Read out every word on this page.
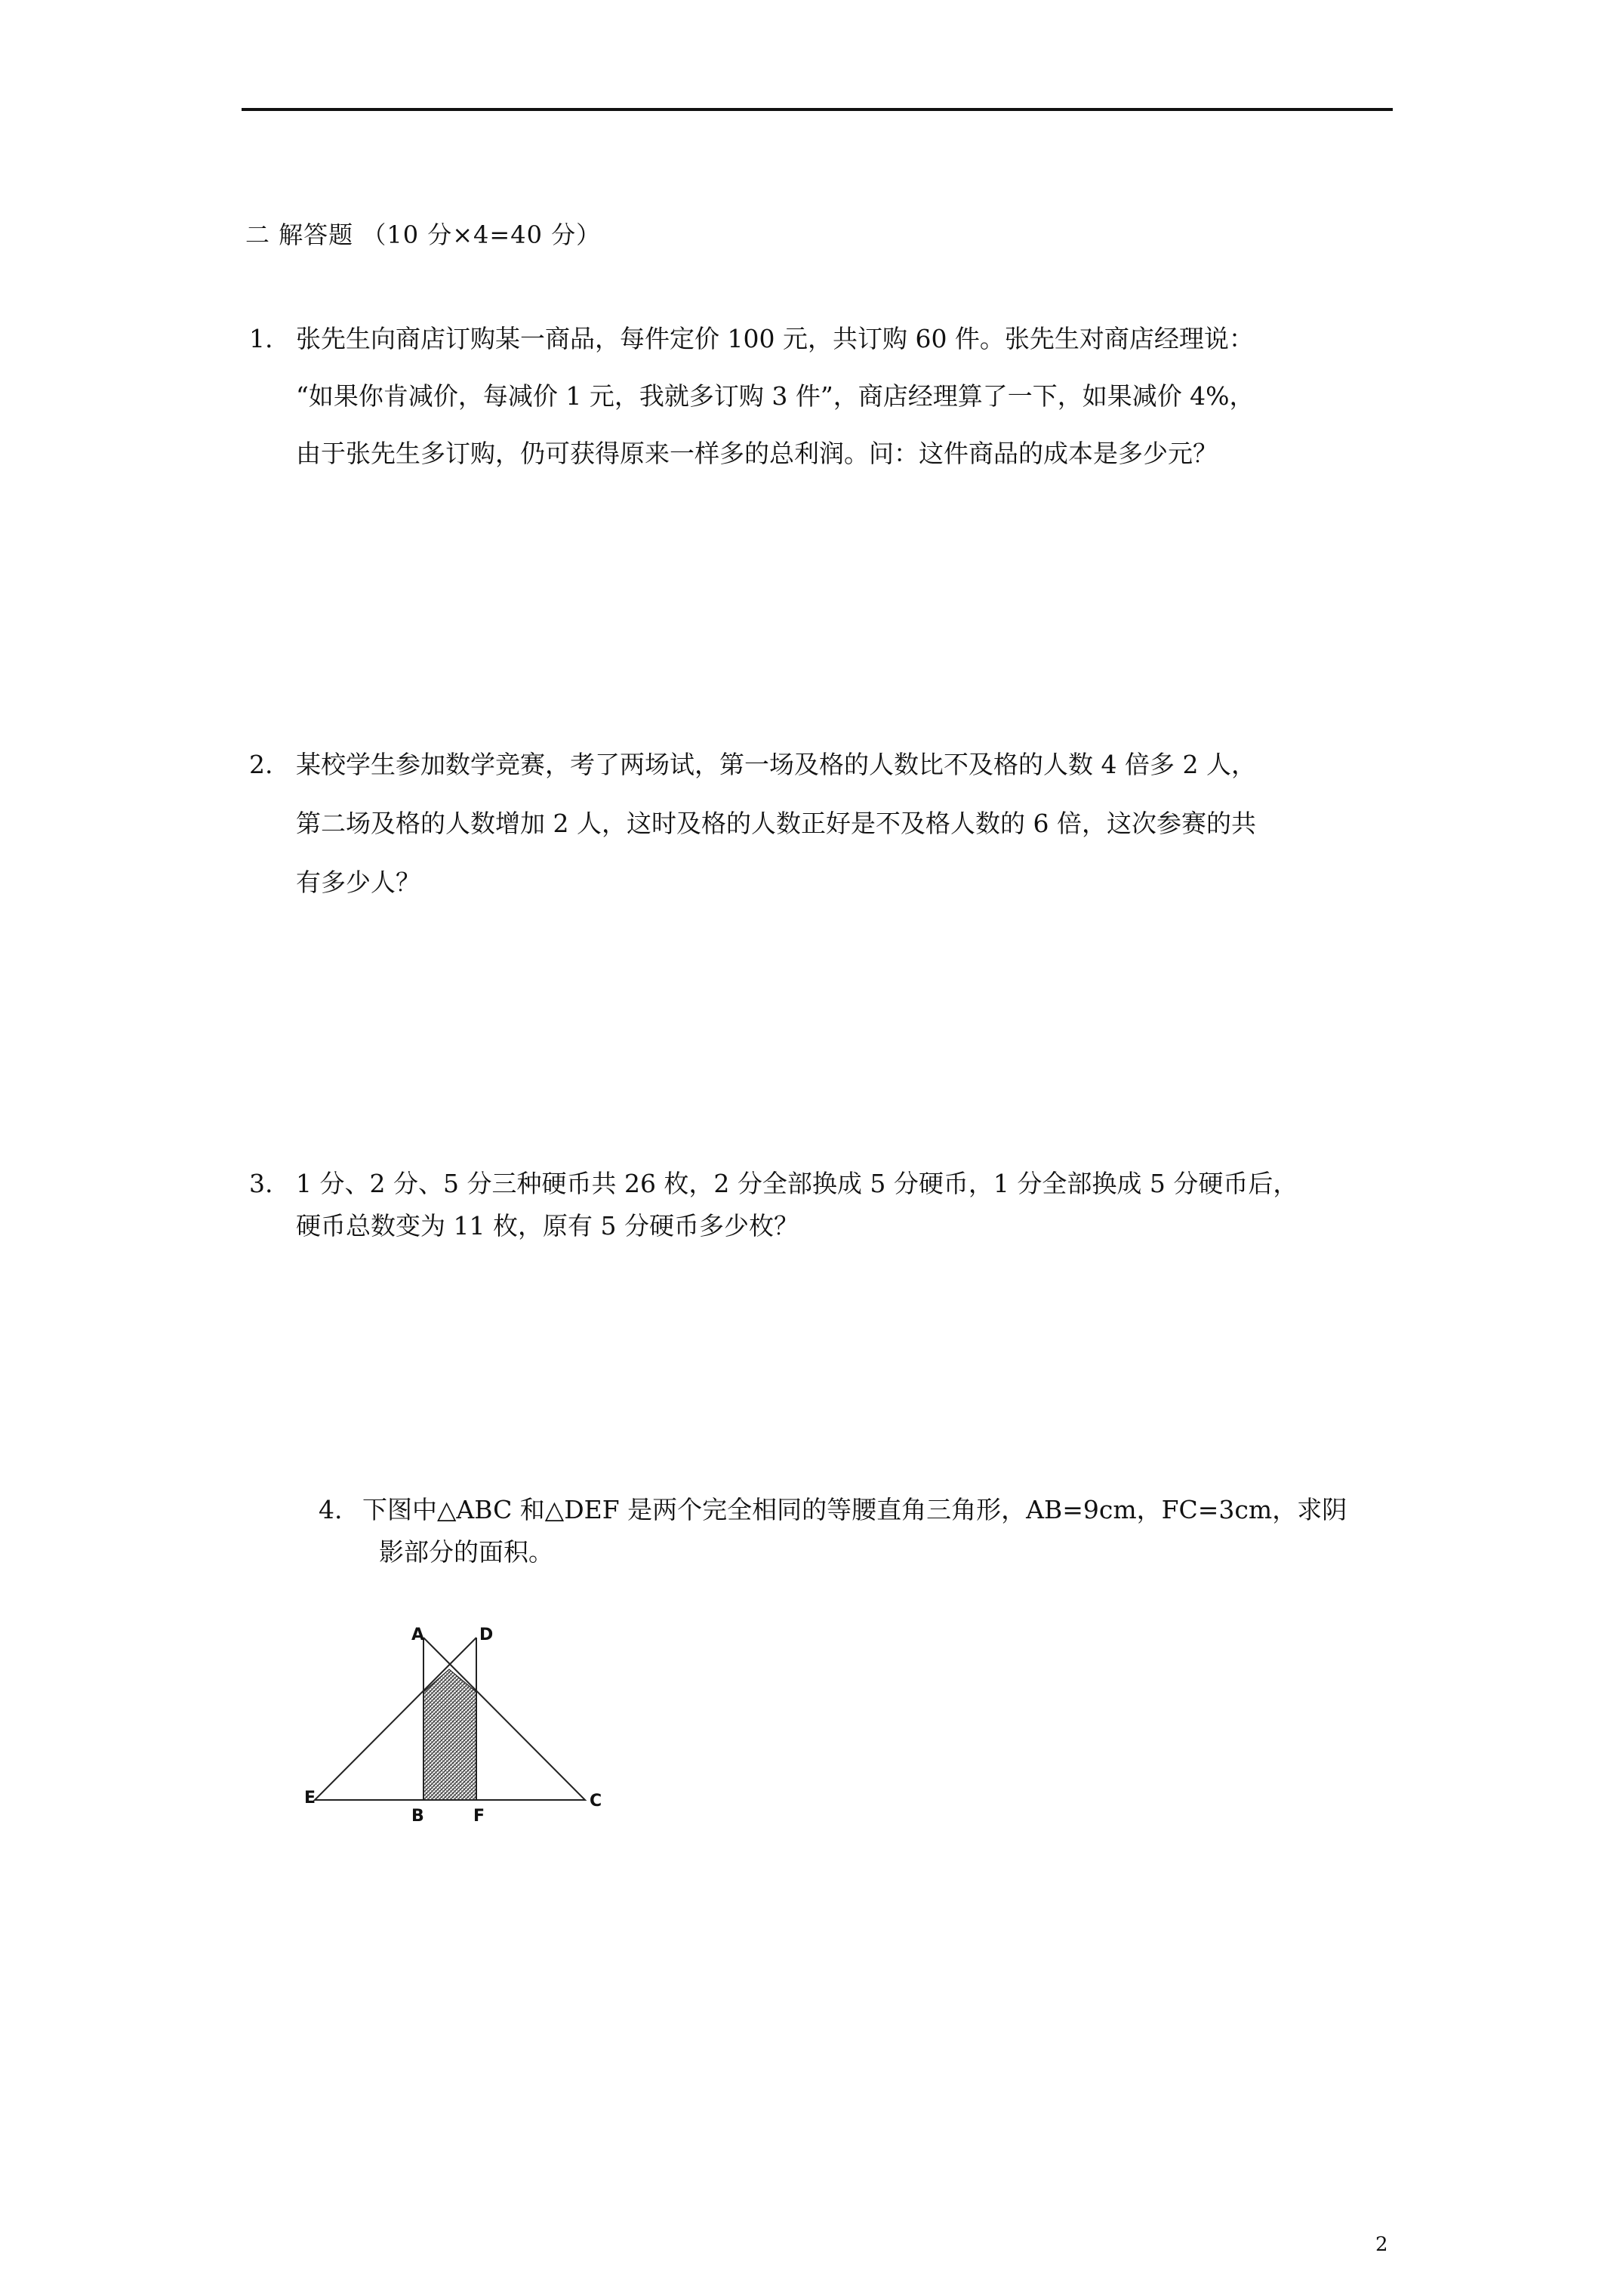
二 解答题 （10 分×4=40 分）
1. 张先生向商店订购某一商品，每件定价 100 元，共订购 60 件。张先生对商店经理说：
“如果你肯减价，每减价 1 元，我就多订购 3 件”，商店经理算了一下，如果减价 4%，
由于张先生多订购，仍可获得原来一样多的总利润。问：这件商品的成本是多少元？
2. 某校学生参加数学竞赛，考了两场试，第一场及格的人数比不及格的人数 4 倍多 2 人，
第二场及格的人数增加 2 人，这时及格的人数正好是不及格人数的 6 倍，这次参赛的共
有多少人？
3. 1 分、2 分、5 分三种硬币共 26 枚，2 分全部换成 5 分硬币，1 分全部换成 5 分硬币后，
硬币总数变为 11 枚，原有 5 分硬币多少枚？
4. 下图中△ABC 和△DEF 是两个完全相同的等腰直角三角形，AB=9cm，FC=3cm，求阴
影部分的面积。
A	D
E
B	F
C
2
